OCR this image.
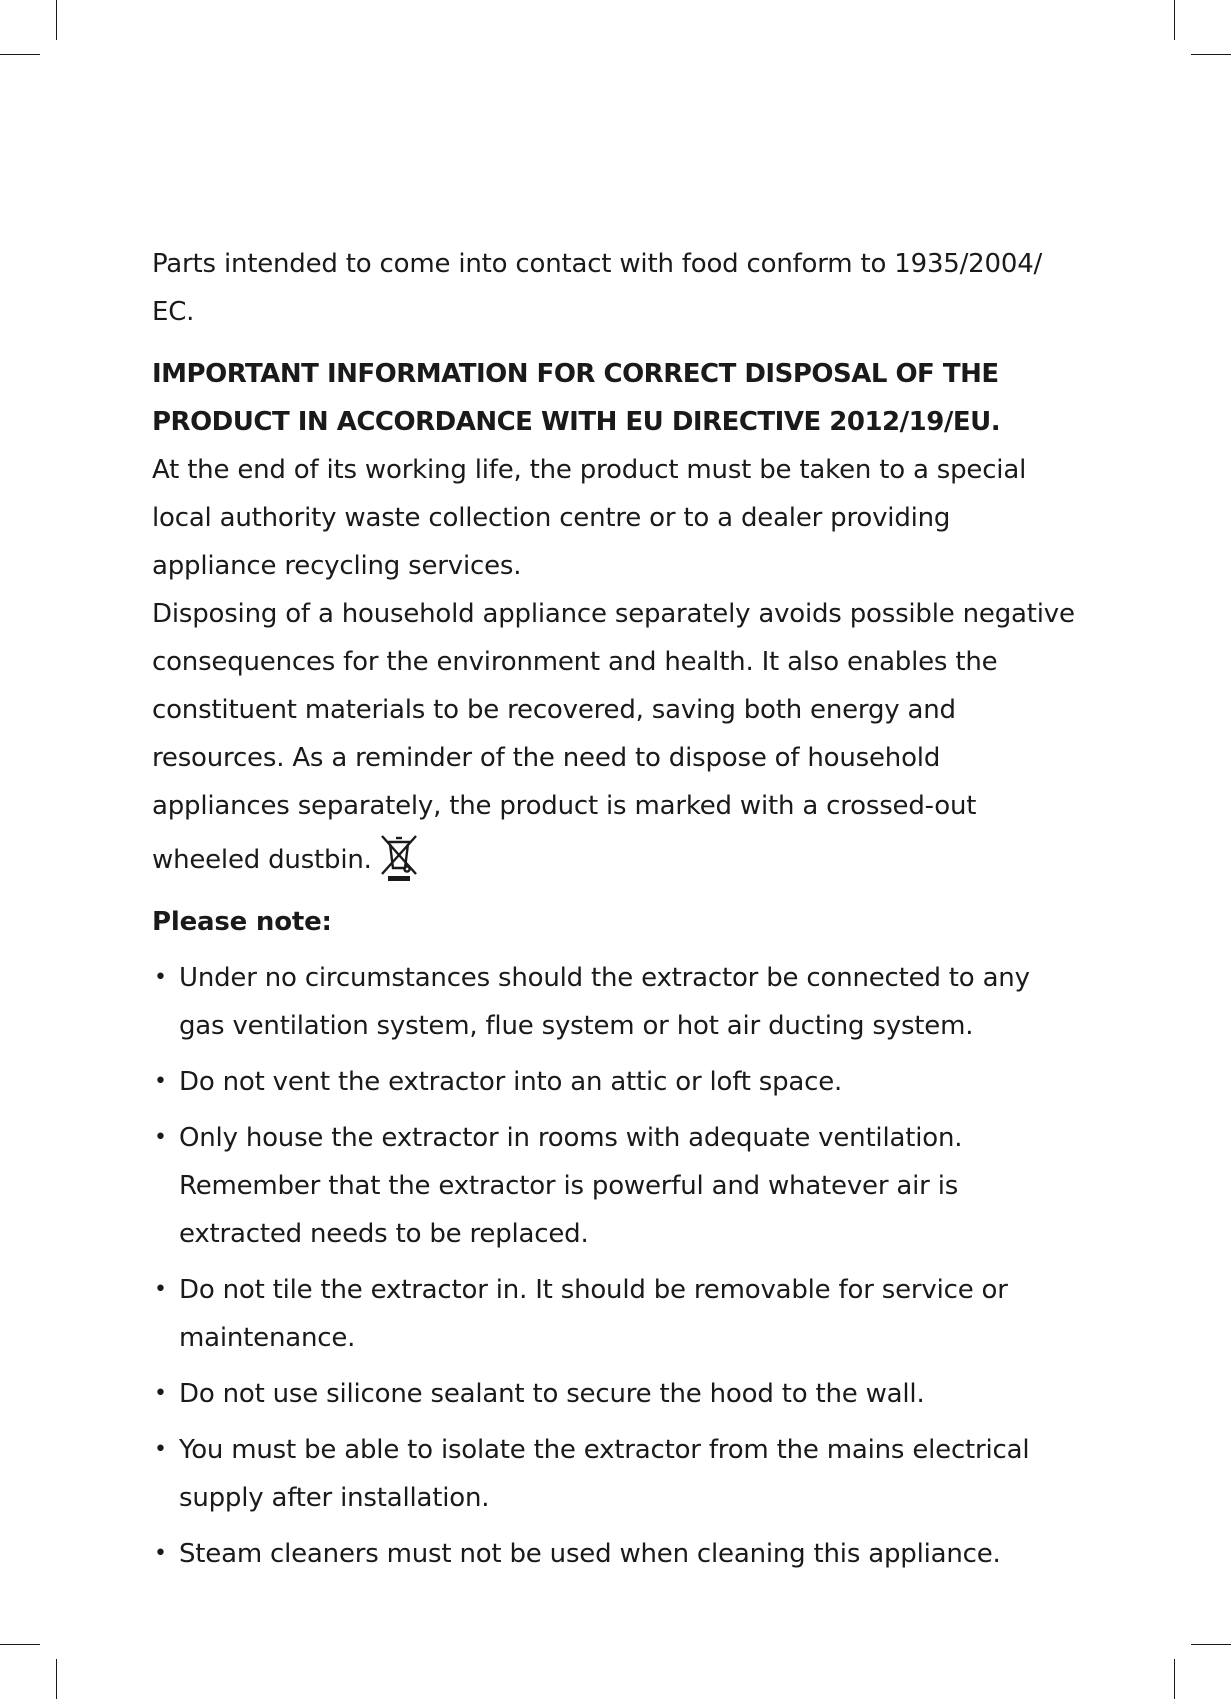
Parts intended to come into contact with food conform to 1935/2004/ EC.

IMPORTANT INFORMATION FOR CORRECT DISPOSAL OF THE PRODUCT IN ACCORDANCE WITH EU DIRECTIVE 2012/19/EU.

At the end of its working life, the product must be taken to a special local authority waste collection centre or to a dealer providing appliance recycling services.

Disposing of a household appliance separately avoids possible negative consequences for the environment and health. It also enables the constituent materials to be recovered, saving both energy and resources. As a reminder of the need to dispose of household appliances separately, the product is marked with a crossed-out wheeled dustbin.

Please note:

• Under no circumstances should the extractor be connected to any gas ventilation system, flue system or hot air ducting system.
• Do not vent the extractor into an attic or loft space.
• Only house the extractor in rooms with adequate ventilation. Remember that the extractor is powerful and whatever air is extracted needs to be replaced.
• Do not tile the extractor in. It should be removable for service or maintenance.
• Do not use silicone sealant to secure the hood to the wall.
• You must be able to isolate the extractor from the mains electrical supply after installation.
• Steam cleaners must not be used when cleaning this appliance.
